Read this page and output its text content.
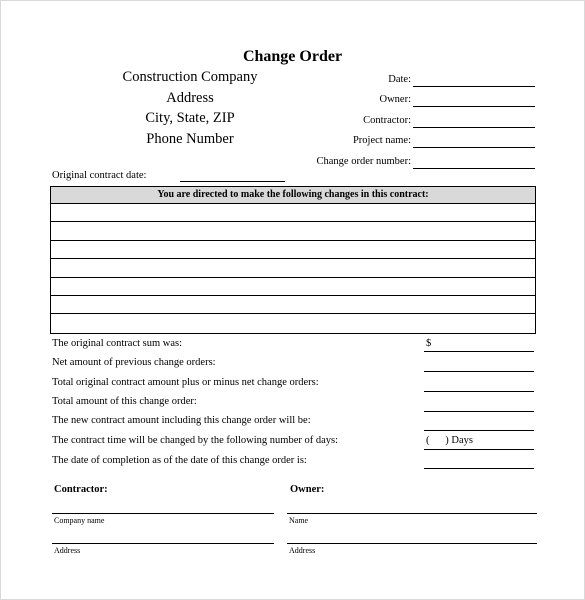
Change Order
Construction Company
Address
City, State, ZIP
Phone Number
Date:
Owner:
Contractor:
Project name:
Change order number:
Original contract date:
You are directed to make the following changes in this contract:
The original contract sum was:	$
Net amount of previous change orders:
Total original contract amount plus or minus net change orders:
Total amount of this change order:
The new contract amount including this change order will be:
The contract time will be changed by the following number of days:	(      ) Days
The date of completion as of the date of this change order is:
Contractor:
Company name
Address
Owner:
Name
Address
